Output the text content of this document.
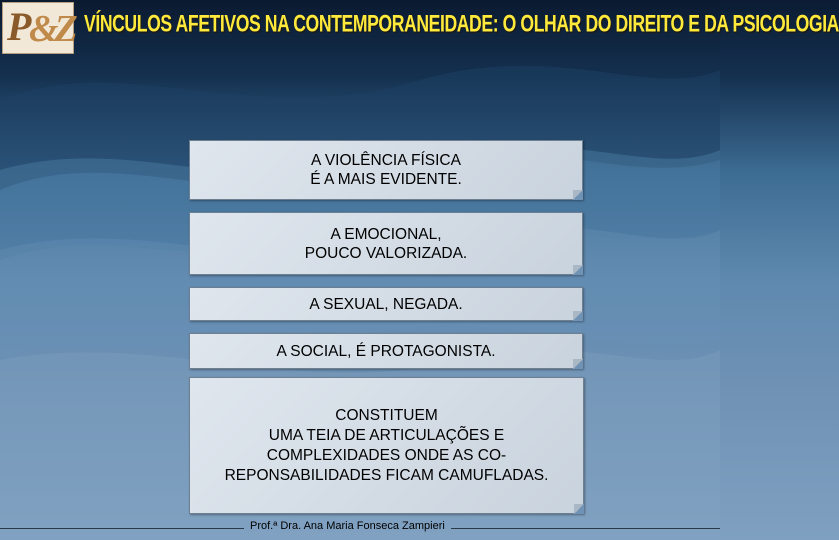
P &Z VÍNCULOS AFETIVOS NA CONTEMPORANEIDADE: O OLHAR DO DIREITO E DA PSICOLOGIA
A VIOLÊNCIA FÍSICA
É A MAIS EVIDENTE.
A EMOCIONAL,
POUCO VALORIZADA.
A SEXUAL, NEGADA.
A SOCIAL, É PROTAGONISTA.
CONSTITUEM
UMA TEIA DE ARTICULAÇÕES E
COMPLEXIDADES ONDE AS CO-
REPONSABILIDADES FICAM CAMUFLADAS.
Prof.ª Dra. Ana Maria Fonseca Zampieri
